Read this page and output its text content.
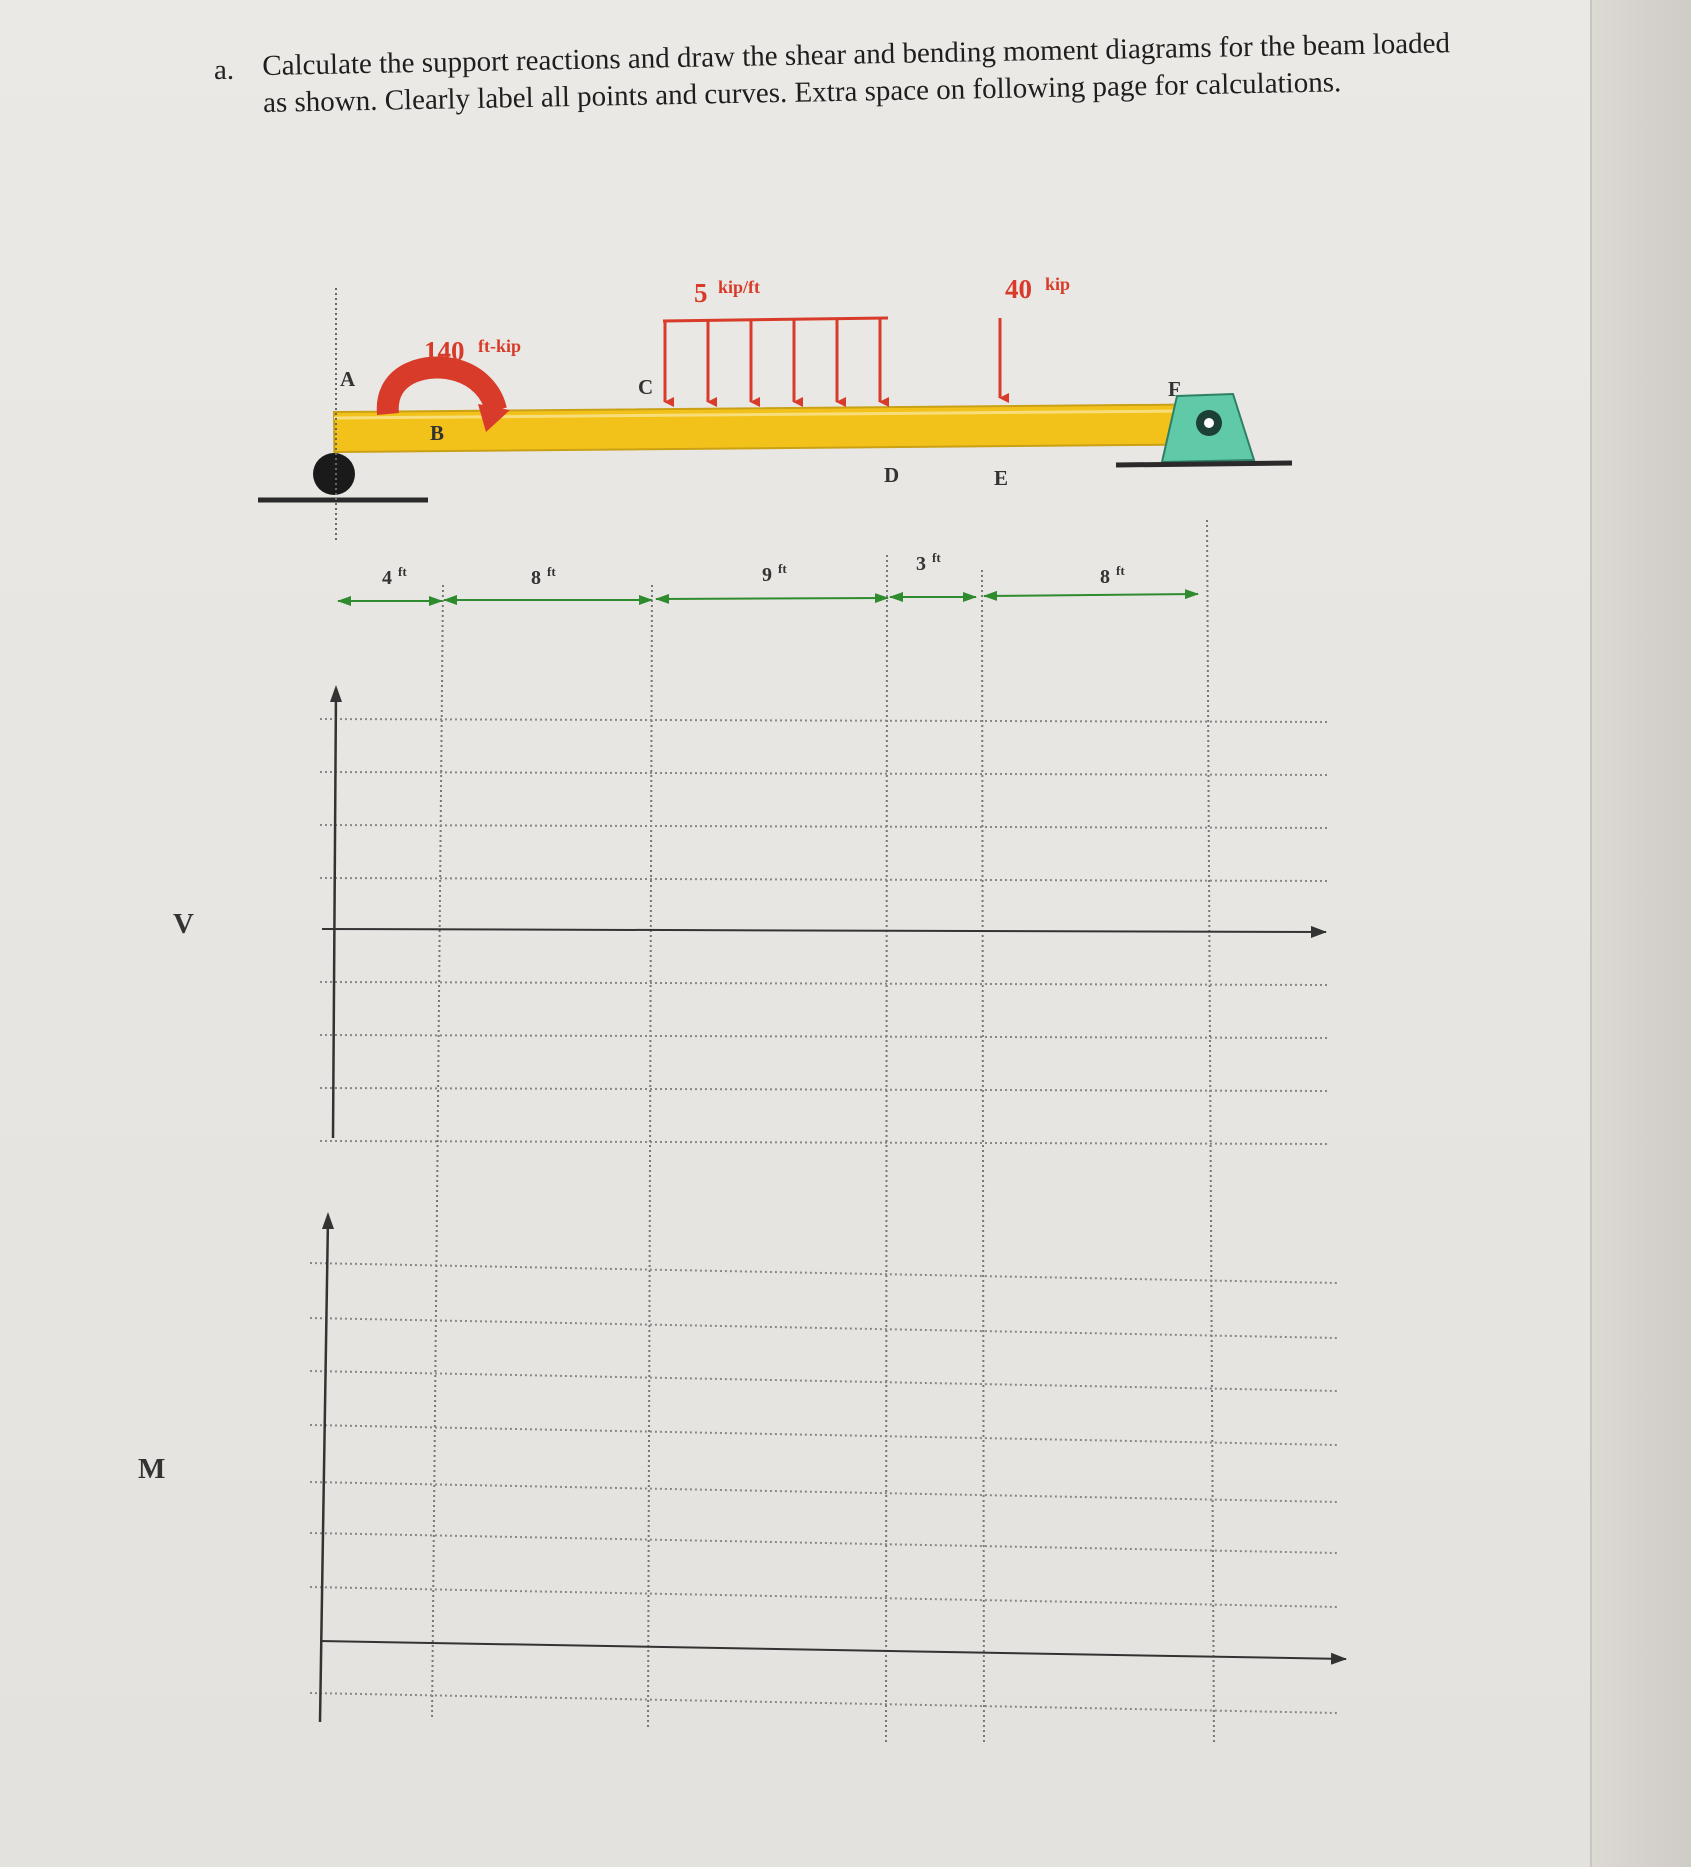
a. Calculate the support reactions and draw the shear and bending moment diagrams for the beam loaded as shown. Clearly label all points and curves. Extra space on following page for calculations.
140 ft-kip
5 kip/ft	40 kip
A
B
C
D	E
F
4 ft	8 ft	9 ft	3 ft
8 ft
V
M
